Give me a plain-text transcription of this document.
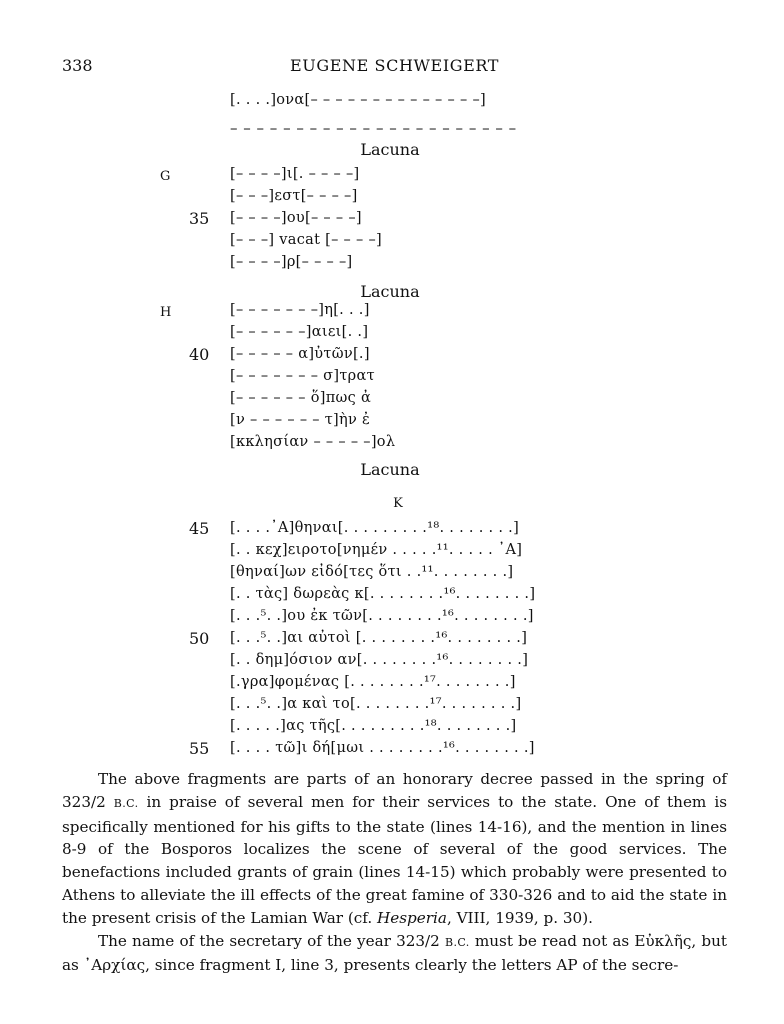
338	EUGENE SCHWEIGERT
[. . . .]ονα[– – – – – – – – – – – – – –]
– – – – – – – – – – – – – – – – – – – – – –
Lacuna
G	[– – – –]ι[. – – – –]
[– – –]εστ[– – – –]
35 [– – – –]ου[– – – –]
[– – –] vacat [– – – –]
[– – – –]ρ[– – – –]
Lacuna
H	[– – – – – – –]η[. . .]
[– – – – – –]αιει[. .]
40 [– – – – – α]ὐτῶν[.]
[– – – – – – – σ]τρατ
[– – – – – – ὅ]πως ἀ
[ν – – – – – – τ]ὴν ἐ
[κκλησίαν – – – – –]ολ
Lacuna
K
45 [. . . .᾽Α]θηναι[. . . . . . . . .¹⁸. . . . . . . .]
[. . κεχ]ειροτο[νημέν . . . . .¹¹. . . . . ᾽Α]
[θηναί]ων εἰδό[τες ὅτι . .¹¹. . . . . . . .]
[. . τὰς] δωρεὰς κ[. . . . . . . .¹⁶. . . . . . . .]
[. . .⁵. .]ου ἐκ τῶν[. . . . . . . .¹⁶. . . . . . . .]
50 [. . .⁵. .]αι αὐτοὶ [. . . . . . . .¹⁶. . . . . . . .]
[. . δημ]όσιον αν[. . . . . . . .¹⁶. . . . . . . .]
[.γρα]φομένας [. . . . . . . .¹⁷. . . . . . . .]
[. . .⁵. .]α καὶ το[. . . . . . . .¹⁷. . . . . . . .]
[. . . . .]ας τῆς[. . . . . . . . .¹⁸. . . . . . . .]
55 [. . . . τῶ]ι δή[μωι . . . . . . . .¹⁶. . . . . . . .]

The above fragments are parts of an honorary decree passed in the spring of 323/2 B.C. in praise of several men for their services to the state. One of them is specifically mentioned for his gifts to the state (lines 14-16), and the mention in lines 8-9 of the Bosporos localizes the scene of several of the good services. The benefactions included grants of grain (lines 14-15) which probably were presented to Athens to alleviate the ill effects of the great famine of 330-326 and to aid the state in the present crisis of the Lamian War (cf. Hesperia, VIII, 1939, p. 30).

The name of the secretary of the year 323/2 B.C. must be read not as Εὐκλῆς, but as ᾽Αρχίας, since fragment I, line 3, presents clearly the letters AP of the secre-
